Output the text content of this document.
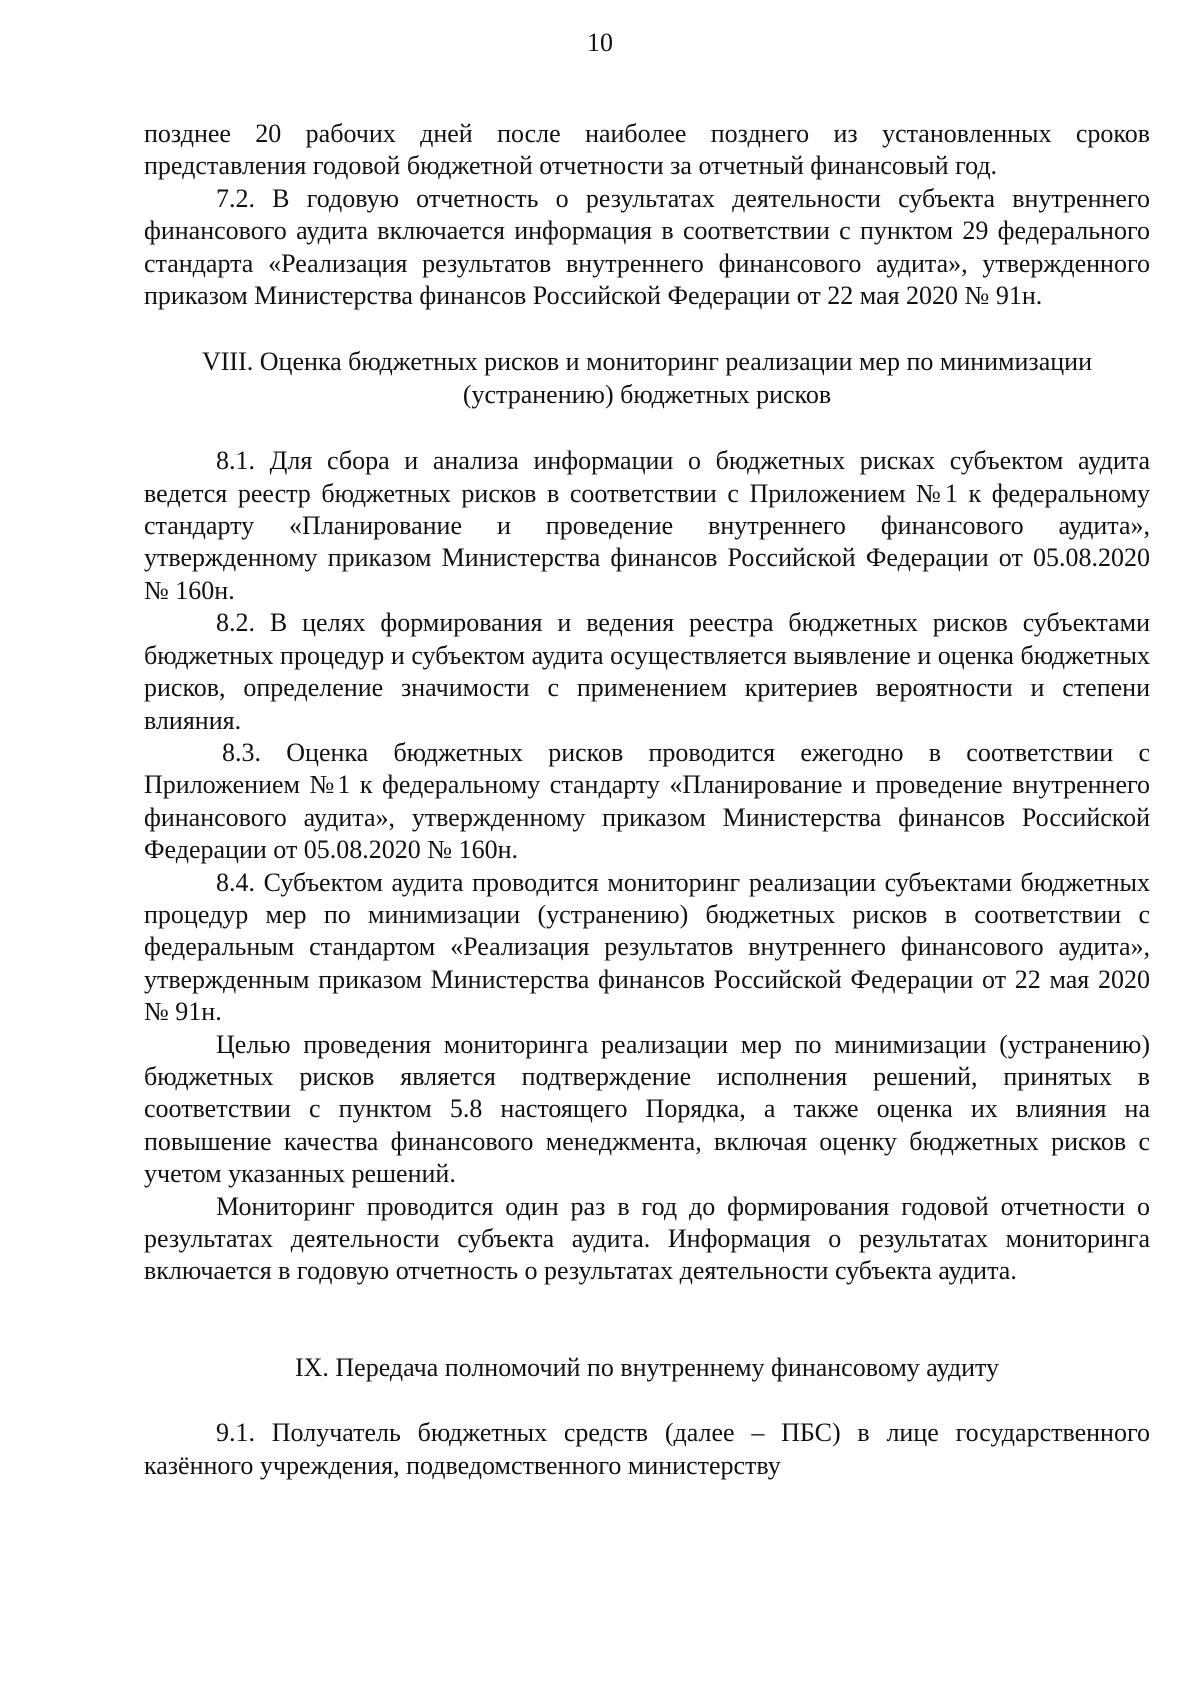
10

позднее 20 рабочих дней после наиболее позднего из установленных сроков представления годовой бюджетной отчетности за отчетный финансовый год.

7.2. В годовую отчетность о результатах деятельности субъекта внутреннего финансового аудита включается информация в соответствии с пунктом 29 федерального стандарта «Реализация результатов внутреннего финансового аудита», утвержденного приказом Министерства финансов Российской Федерации от 22 мая 2020 № 91н.

VIII. Оценка бюджетных рисков и мониторинг реализации мер по минимизации
(устранению) бюджетных рисков

8.1. Для сбора и анализа информации о бюджетных рисках субъектом аудита ведется реестр бюджетных рисков в соответствии с Приложением №1 к федеральному стандарту «Планирование и проведение внутреннего финансового аудита», утвержденному приказом Министерства финансов Российской Федерации от 05.08.2020 № 160н.

8.2. В целях формирования и ведения реестра бюджетных рисков субъектами бюджетных процедур и субъектом аудита осуществляется выявление и оценка бюджетных рисков, определение значимости с применением критериев вероятности и степени влияния.

8.3. Оценка бюджетных рисков проводится ежегодно в соответствии с Приложением №1 к федеральному стандарту «Планирование и проведение внутреннего финансового аудита», утвержденному приказом Министерства финансов Российской Федерации от 05.08.2020 № 160н.

8.4. Субъектом аудита проводится мониторинг реализации субъектами бюджетных процедур мер по минимизации (устранению) бюджетных рисков в соответствии с федеральным стандартом «Реализация результатов внутреннего финансового аудита», утвержденным приказом Министерства финансов Российской Федерации от 22 мая 2020 № 91н.

Целью проведения мониторинга реализации мер по минимизации (устранению) бюджетных рисков является подтверждение исполнения решений, принятых в соответствии с пунктом 5.8 настоящего Порядка, а также оценка их влияния на повышение качества финансового менеджмента, включая оценку бюджетных рисков с учетом указанных решений.

Мониторинг проводится один раз в год до формирования годовой отчетности о результатах деятельности субъекта аудита. Информация о результатах мониторинга включается в годовую отчетность о результатах деятельности субъекта аудита.

IX. Передача полномочий по внутреннему финансовому аудиту

9.1. Получатель бюджетных средств (далее – ПБС) в лице государственного казённого учреждения, подведомственного министерству
